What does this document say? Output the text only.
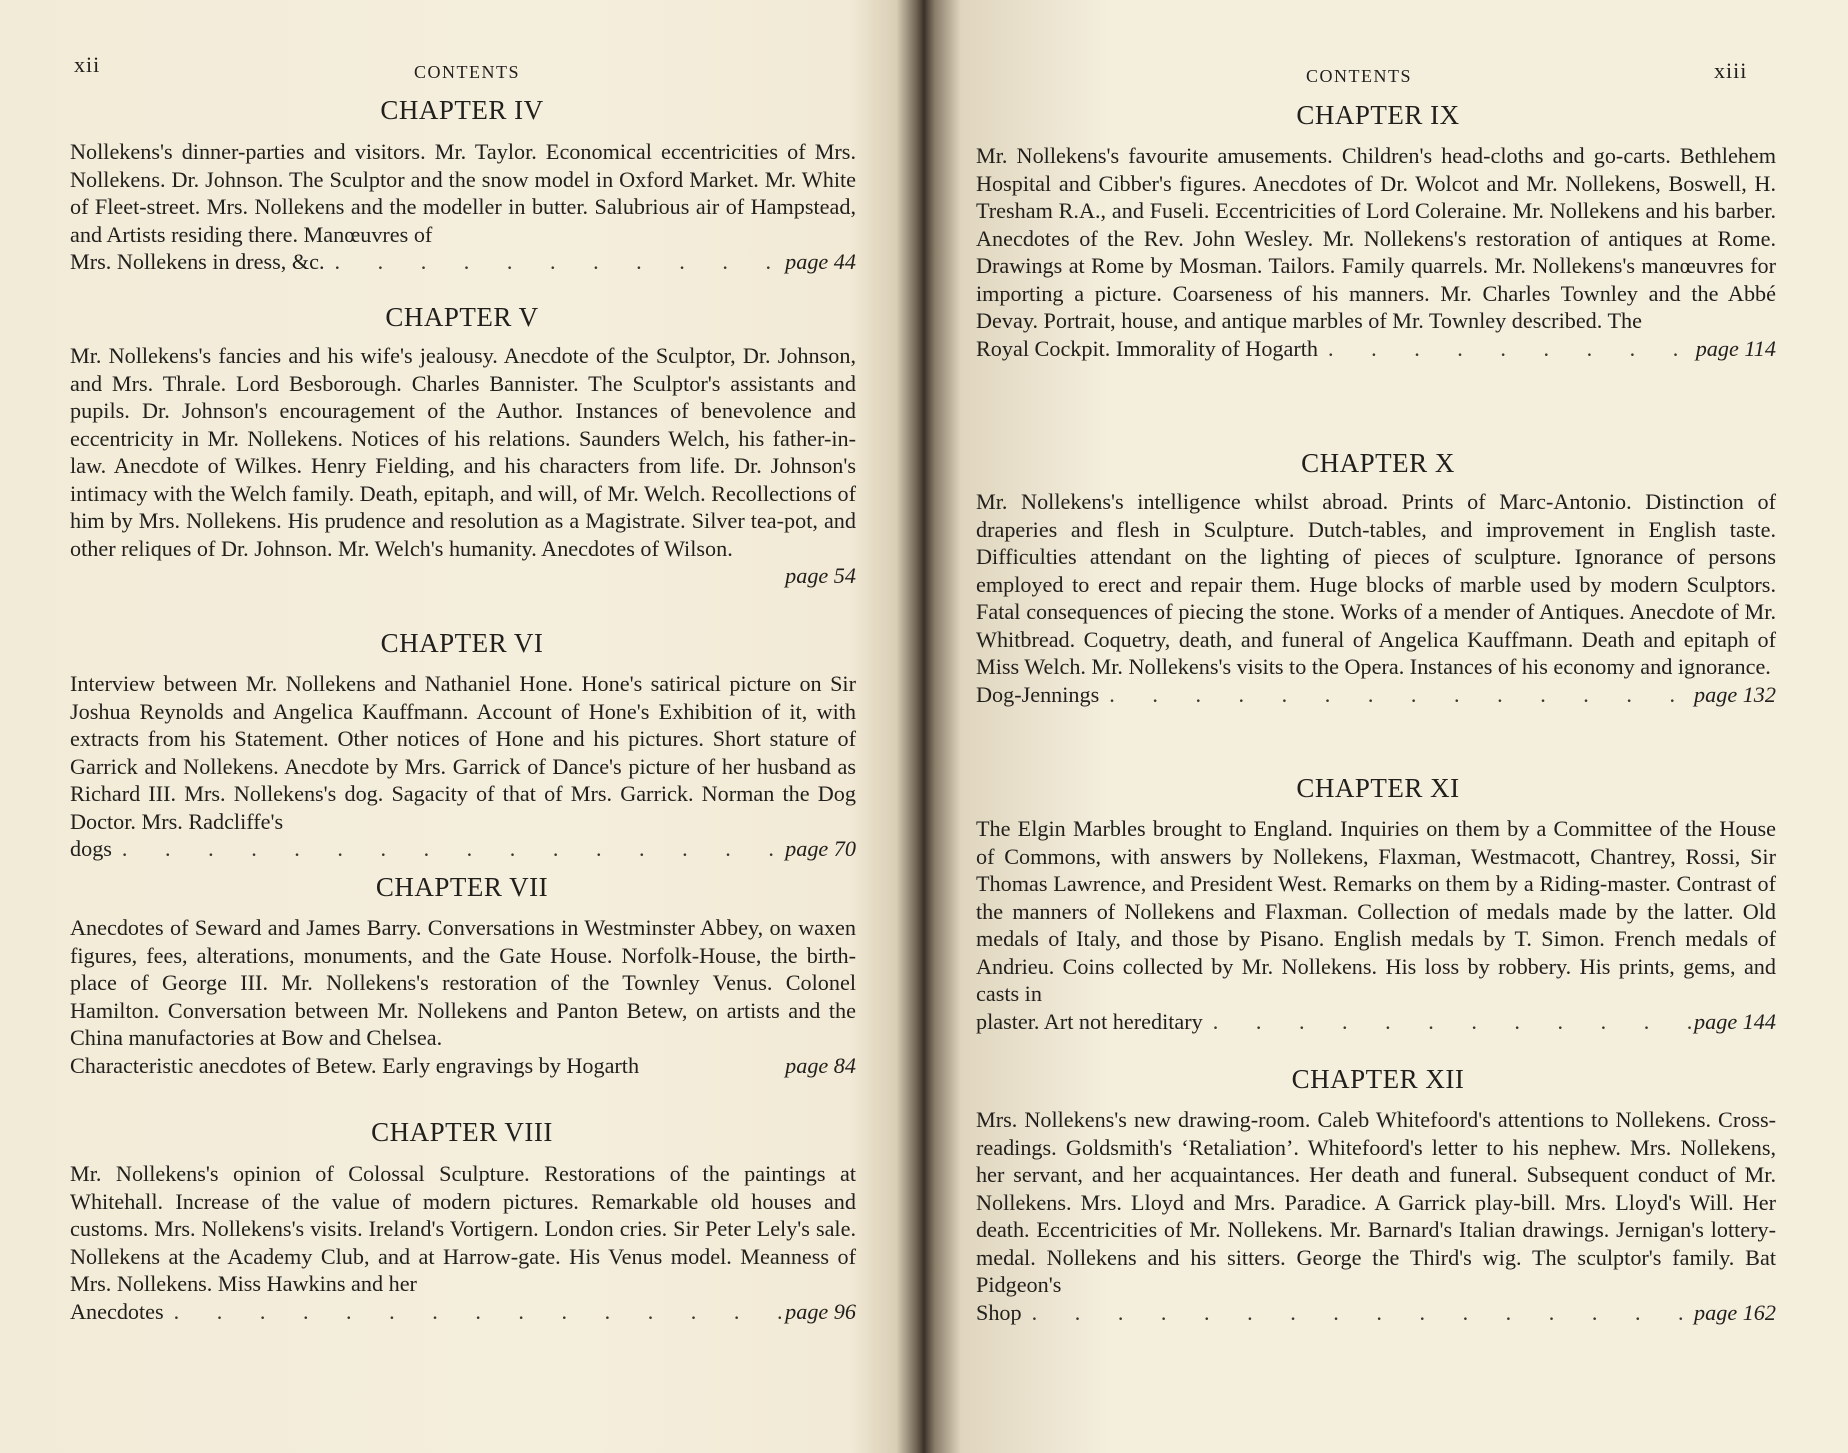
xii	CONTENTS
CHAPTER IV
Nollekens's dinner-parties and visitors. Mr. Taylor. Economical eccentricities of Mrs. Nollekens. Dr. Johnson. The Sculptor and the snow model in Oxford Market. Mr. White of Fleet-street. Mrs. Nollekens and the modeller in butter. Salubrious air of Hampstead, and Artists residing there. Manœuvres of
Mrs. Nollekens in dress, &c. . . .	page 44
CHAPTER V
Mr. Nollekens's fancies and his wife's jealousy. Anecdote of the Sculptor, Dr. Johnson, and Mrs. Thrale. Lord Besborough. Charles Bannister. The Sculptor's assistants and pupils. Dr. Johnson's encouragement of the Author. Instances of benevolence and eccentricity in Mr. Nollekens. Notices of his relations. Saunders Welch, his father-in-law. Anecdote of Wilkes. Henry Fielding, and his characters from life. Dr. Johnson's intimacy with the Welch family. Death, epitaph, and will, of Mr. Welch. Recollections of him by Mrs. Nollekens. His prudence and resolution as a Magistrate. Silver tea-pot, and other reliques of Dr. Johnson. Mr. Welch's humanity. Anecdotes of Wilson.
page 54
CHAPTER VI
Interview between Mr. Nollekens and Nathaniel Hone. Hone's satirical picture on Sir Joshua Reynolds and Angelica Kauffmann. Account of Hone's Exhibition of it, with extracts from his Statement. Other notices of Hone and his pictures. Short stature of Garrick and Nollekens. Anecdote by Mrs. Garrick of Dance's picture of her husband as Richard III. Mrs. Nollekens's dog. Sagacity of that of Mrs. Garrick. Norman the Dog Doctor. Mrs. Radcliffe's
dogs . . .	page 70
CHAPTER VII
Anecdotes of Seward and James Barry. Conversations in Westminster Abbey, on waxen figures, fees, alterations, monuments, and the Gate House. Norfolk-House, the birth-place of George III. Mr. Nollekens's restoration of the Townley Venus. Colonel Hamilton. Conversation between Mr. Nollekens and Panton Betew, on artists and the China manufactories at Bow and Chelsea.
Characteristic anecdotes of Betew. Early engravings by Hogarth	page 84
CHAPTER VIII
Mr. Nollekens's opinion of Colossal Sculpture. Restorations of the paintings at Whitehall. Increase of the value of modern pictures. Remarkable old houses and customs. Mrs. Nollekens's visits. Ireland's Vortigern. London cries. Sir Peter Lely's sale. Nollekens at the Academy Club, and at Harrow-gate. His Venus model. Meanness of Mrs. Nollekens. Miss Hawkins and her
Anecdotes . . .	page 96
CONTENTS	xiii
CHAPTER IX
Mr. Nollekens's favourite amusements. Children's head-cloths and go-carts. Bethlehem Hospital and Cibber's figures. Anecdotes of Dr. Wolcot and Mr. Nollekens, Boswell, H. Tresham R.A., and Fuseli. Eccentricities of Lord Coleraine. Mr. Nollekens and his barber. Anecdotes of the Rev. John Wesley. Mr. Nollekens's restoration of antiques at Rome. Drawings at Rome by Mosman. Tailors. Family quarrels. Mr. Nollekens's manœuvres for importing a picture. Coarseness of his manners. Mr. Charles Townley and the Abbé Devay. Portrait, house, and antique marbles of Mr. Townley described. The
Royal Cockpit. Immorality of Hogarth . . .	page 114
CHAPTER X
Mr. Nollekens's intelligence whilst abroad. Prints of Marc-Antonio. Distinction of draperies and flesh in Sculpture. Dutch-tables, and improvement in English taste. Difficulties attendant on the lighting of pieces of sculpture. Ignorance of persons employed to erect and repair them. Huge blocks of marble used by modern Sculptors. Fatal consequences of piecing the stone. Works of a mender of Antiques. Anecdote of Mr. Whitbread. Coquetry, death, and funeral of Angelica Kauffmann. Death and epitaph of Miss Welch. Mr. Nollekens's visits to the Opera. Instances of his economy and ignorance.
Dog-Jennings . . .	page 132
CHAPTER XI
The Elgin Marbles brought to England. Inquiries on them by a Committee of the House of Commons, with answers by Nollekens, Flaxman, Westmacott, Chantrey, Rossi, Sir Thomas Lawrence, and President West. Remarks on them by a Riding-master. Contrast of the manners of Nollekens and Flaxman. Collection of medals made by the latter. Old medals of Italy, and those by Pisano. English medals by T. Simon. French medals of Andrieu. Coins collected by Mr. Nollekens. His loss by robbery. His prints, gems, and casts in
plaster. Art not hereditary . . .	page 144
CHAPTER XII
Mrs. Nollekens's new drawing-room. Caleb Whitefoord's attentions to Nollekens. Cross-readings. Goldsmith's ‘Retaliation’. Whitefoord's letter to his nephew. Mrs. Nollekens, her servant, and her acquaintances. Her death and funeral. Subsequent conduct of Mr. Nollekens. Mrs. Lloyd and Mrs. Paradice. A Garrick play-bill. Mrs. Lloyd's Will. Her death. Eccentricities of Mr. Nollekens. Mr. Barnard's Italian drawings. Jernigan's lottery-medal. Nollekens and his sitters. George the Third's wig. The sculptor's family. Bat Pidgeon's
Shop . . .	page 162
